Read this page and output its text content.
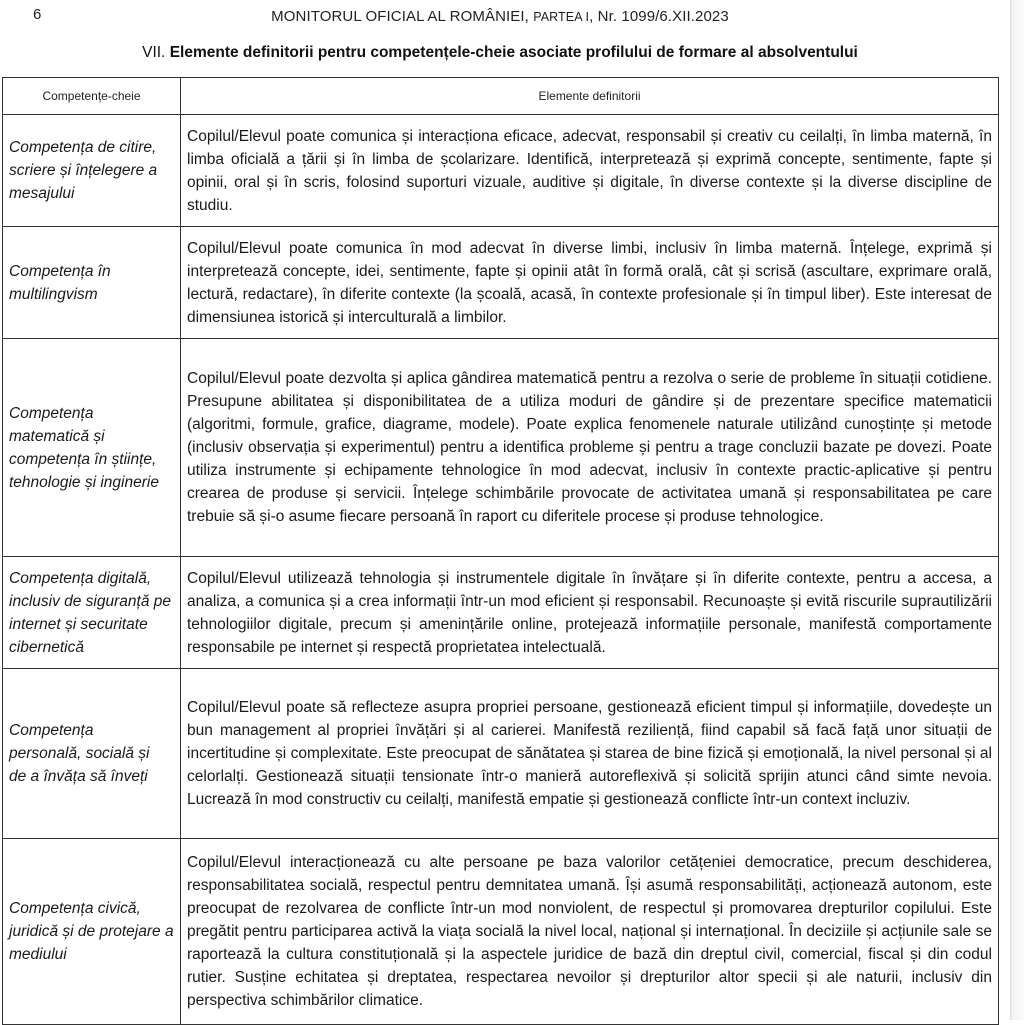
6	MONITORUL OFICIAL AL ROMÂNIEI, PARTEA I, Nr. 1099/6.XII.2023
VII. Elemente definitorii pentru competențele-cheie asociate profilului de formare al absolventului
Competențe-cheie	Elemente definitorii
Competența de citire, scriere și înțelegere a mesajului	Copilul/Elevul poate comunica și interacționa eficace, adecvat, responsabil și creativ cu ceilalți, în limba maternă, în limba oficială a țării și în limba de școlarizare. Identifică, interpretează și exprimă concepte, sentimente, fapte și opinii, oral și în scris, folosind suporturi vizuale, auditive și digitale, în diverse contexte și la diverse discipline de studiu.
Competența în multilingvism	Copilul/Elevul poate comunica în mod adecvat în diverse limbi, inclusiv în limba maternă. Înțelege, exprimă și interpretează concepte, idei, sentimente, fapte și opinii atât în formă orală, cât și scrisă (ascultare, exprimare orală, lectură, redactare), în diferite contexte (la școală, acasă, în contexte profesionale și în timpul liber). Este interesat de dimensiunea istorică și interculturală a limbilor.
Competența matematică și competența în științe, tehnologie și inginerie	Copilul/Elevul poate dezvolta și aplica gândirea matematică pentru a rezolva o serie de probleme în situații cotidiene. Presupune abilitatea și disponibilitatea de a utiliza moduri de gândire și de prezentare specifice matematicii (algoritmi, formule, grafice, diagrame, modele). Poate explica fenomenele naturale utilizând cunoștințe și metode (inclusiv observația și experimentul) pentru a identifica probleme și pentru a trage concluzii bazate pe dovezi. Poate utiliza instrumente și echipamente tehnologice în mod adecvat, inclusiv în contexte practic-aplicative și pentru crearea de produse și servicii. Înțelege schimbările provocate de activitatea umană și responsabilitatea pe care trebuie să și-o asume fiecare persoană în raport cu diferitele procese și produse tehnologice.
Competența digitală, inclusiv de siguranță pe internet și securitate cibernetică	Copilul/Elevul utilizează tehnologia și instrumentele digitale în învățare și în diferite contexte, pentru a accesa, a analiza, a comunica și a crea informații într-un mod eficient și responsabil. Recunoaște și evită riscurile suprautilizării tehnologiilor digitale, precum și amenințările online, protejează informațiile personale, manifestă comportamente responsabile pe internet și respectă proprietatea intelectuală.
Competența personală, socială și de a învăța să înveți	Copilul/Elevul poate să reflecteze asupra propriei persoane, gestionează eficient timpul și informațiile, dovedește un bun management al propriei învățări și al carierei. Manifestă reziliență, fiind capabil să facă față unor situații de incertitudine și complexitate. Este preocupat de sănătatea și starea de bine fizică și emoțională, la nivel personal și al celorlalți. Gestionează situații tensionate într-o manieră autoreflexivă și solicită sprijin atunci când simte nevoia. Lucrează în mod constructiv cu ceilalți, manifestă empatie și gestionează conflicte într-un context incluziv.
Competența civică, juridică și de protejare a mediului	Copilul/Elevul interacționează cu alte persoane pe baza valorilor cetățeniei democratice, precum deschiderea, responsabilitatea socială, respectul pentru demnitatea umană. Își asumă responsabilități, acționează autonom, este preocupat de rezolvarea de conflicte într-un mod nonviolent, de respectul și promovarea drepturilor copilului. Este pregătit pentru participarea activă la viața socială la nivel local, național și internațional. În deciziile și acțiunile sale se raportează la cultura constituțională și la aspectele juridice de bază din dreptul civil, comercial, fiscal și din codul rutier. Susține echitatea și dreptatea, respectarea nevoilor și drepturilor altor specii și ale naturii, inclusiv din perspectiva schimbărilor climatice.
